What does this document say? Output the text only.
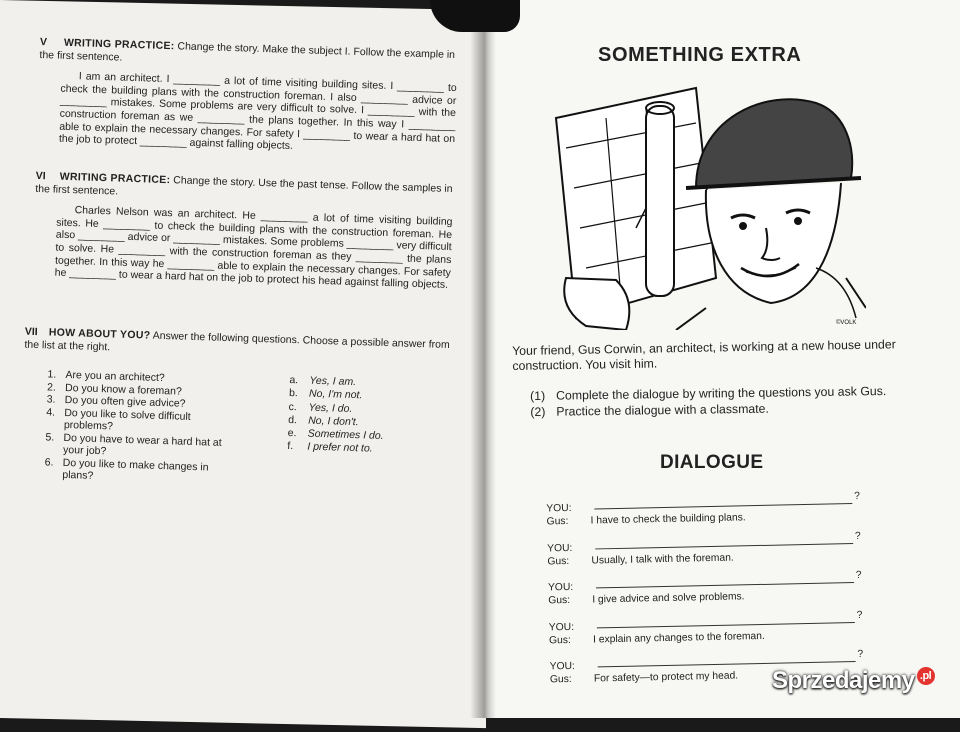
V WRITING PRACTICE: Change the story. Make the subject I. Follow the example in the first sentence.
I am an architect. I ________ a lot of time visiting building sites. I ________ to check the building plans with the construction foreman. I also ________ advice or ________ mistakes. Some problems are very difficult to solve. I ________ with the construction foreman as we ________ the plans together. In this way I ________ able to explain the necessary changes. For safety I ________ to wear a hard hat on the job to protect ________ against falling objects.
VI WRITING PRACTICE: Change the story. Use the past tense. Follow the samples in the first sentence.
Charles Nelson was an architect. He ________ a lot of time visiting building sites. He ________ to check the building plans with the construction foreman. He also ________ advice or ________ mistakes. Some problems ________ very difficult to solve. He ________ with the construction foreman as they ________ the plans together. In this way he ________ able to explain the necessary changes. For safety he ________ to wear a hard hat on the job to protect his head against falling objects.
VII HOW ABOUT YOU? Answer the following questions. Choose a possible answer from the list at the right.
1. Are you an architect?
2. Do you know a foreman?
3. Do you often give advice?
4. Do you like to solve difficult problems?
5. Do you have to wear a hard hat at your job?
6. Do you like to make changes in plans?
a. Yes, I am.
b. No, I'm not.
c. Yes, I do.
d. No, I don't.
e. Sometimes I do.
f. I prefer not to.
SOMETHING EXTRA
©VOLK
Your friend, Gus Corwin, an architect, is working at a new house under construction. You visit him.
(1) Complete the dialogue by writing the questions you ask Gus.
(2) Practice the dialogue with a classmate.
DIALOGUE
YOU:
?
Gus: I have to check the building plans.
YOU:
?
Gus: Usually, I talk with the foreman.
YOU:
?
Gus: I give advice and solve problems.
YOU:
?
Gus: I explain any changes to the foreman.
YOU:
?
Gus: For safety—to protect my head. Sprzedajemy .pl
